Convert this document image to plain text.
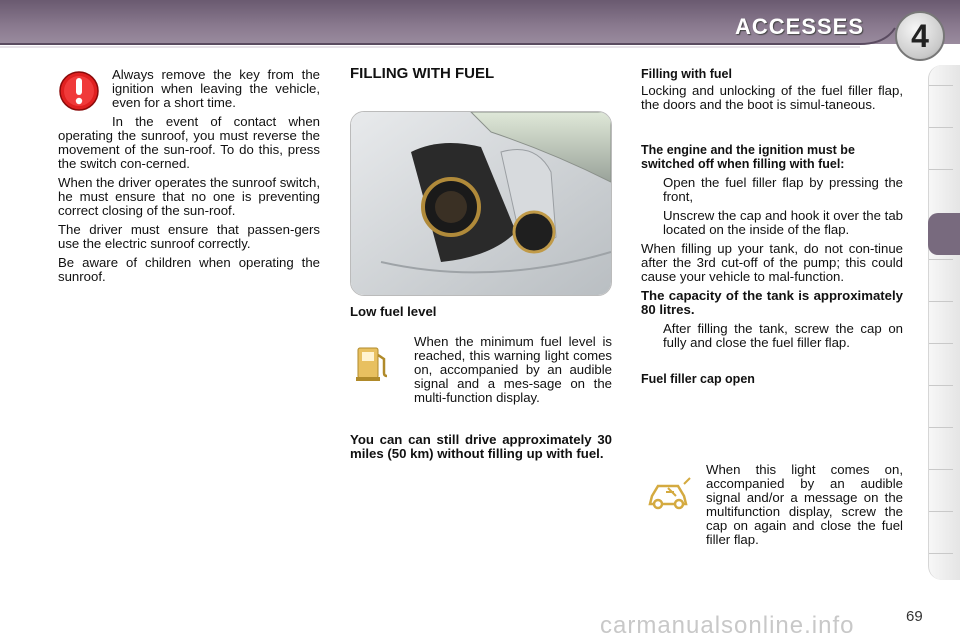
ACCESSES	4

Always remove the key from the ignition when leaving the vehicle, even for a short time.

In the event of contact when operating the sunroof, you must reverse the movement of the sun-roof. To do this, press the switch con-cerned.

When the driver operates the sunroof switch, he must ensure that no one is preventing correct closing of the sun-roof.

The driver must ensure that passen-gers use the electric sunroof correctly.

Be aware of children when operating the sunroof.

FILLING WITH FUEL
Low fuel level

When the minimum fuel level is reached, this warning light comes on, accompanied by an audible signal and a mes-sage on the multi-function display.

You can can still drive approximately 30 miles (50 km) without filling up with fuel.

Filling with fuel

Locking and unlocking of the fuel filler flap, the doors and the boot is simul-taneous.

The engine and the ignition must be switched off when filling with fuel:
Open the fuel filler flap by pressing the front,
Unscrew the cap and hook it over the tab located on the inside of the flap.

When filling up your tank, do not con-tinue after the 3rd cut-off of the pump; this could cause your vehicle to mal-function.

The capacity of the tank is approximately 80 litres.

After filling the tank, screw the cap on fully and close the fuel filler flap.
Fuel filler cap open

When this light comes on, accompanied by an audible signal and/or a message on the multifunction display, screw the cap on again and close the fuel filler flap.

carmanualsonline.info	69
